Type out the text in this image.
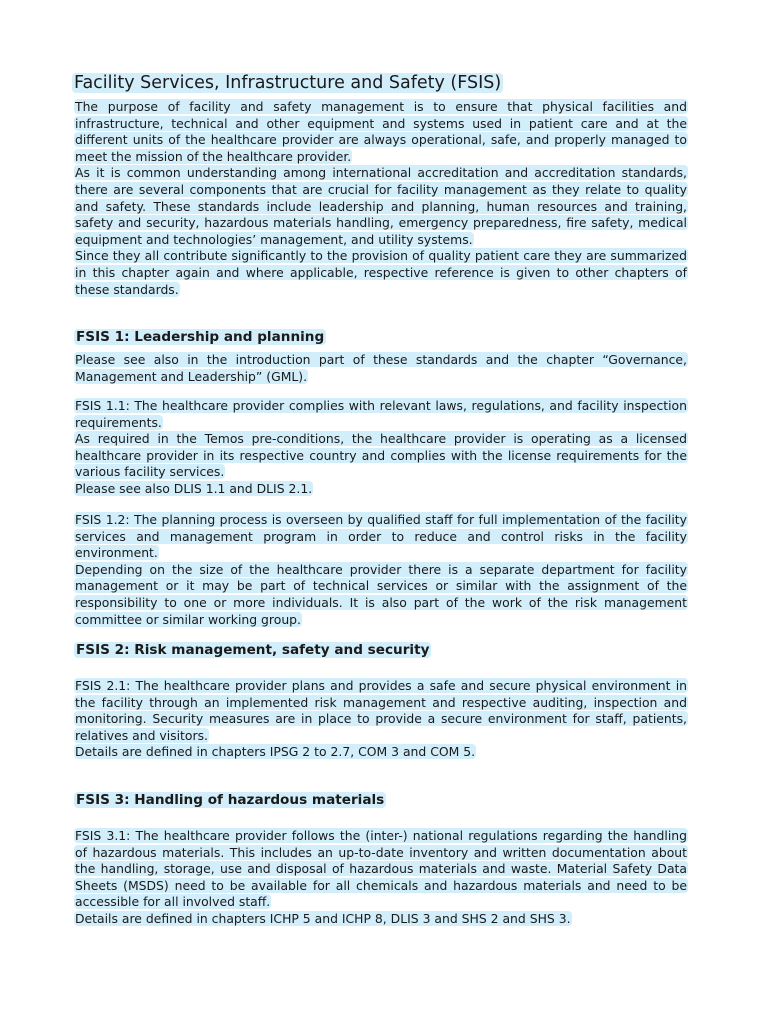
Facility Services, Infrastructure and Safety (FSIS)
The purpose of facility and safety management is to ensure that physical facilities and infrastructure, technical and other equipment and systems used in patient care and at the different units of the healthcare provider are always operational, safe, and properly managed to meet the mission of the healthcare provider.
As it is common understanding among international accreditation and accreditation standards, there are several components that are crucial for facility management as they relate to quality and safety. These standards include leadership and planning, human resources and training, safety and security, hazardous materials handling, emergency preparedness, fire safety, medical equipment and technologies’ management, and utility systems.
Since they all contribute significantly to the provision of quality patient care they are summarized in this chapter again and where applicable, respective reference is given to other chapters of these standards.
FSIS 1: Leadership and planning
Please see also in the introduction part of these standards and the chapter “Governance, Management and Leadership” (GML).
FSIS 1.1: The healthcare provider complies with relevant laws, regulations, and facility inspection requirements.
As required in the Temos pre-conditions, the healthcare provider is operating as a licensed healthcare provider in its respective country and complies with the license requirements for the various facility services.
Please see also DLIS 1.1 and DLIS 2.1.
FSIS 1.2: The planning process is overseen by qualified staff for full implementation of the facility services and management program in order to reduce and control risks in the facility environment.
Depending on the size of the healthcare provider there is a separate department for facility management or it may be part of technical services or similar with the assignment of the responsibility to one or more individuals. It is also part of the work of the risk management committee or similar working group.
FSIS 2: Risk management, safety and security
FSIS 2.1: The healthcare provider plans and provides a safe and secure physical environment in the facility through an implemented risk management and respective auditing, inspection and monitoring. Security measures are in place to provide a secure environment for staff, patients, relatives and visitors.
Details are defined in chapters IPSG 2 to 2.7, COM 3 and COM 5.
FSIS 3: Handling of hazardous materials
FSIS 3.1: The healthcare provider follows the (inter-) national regulations regarding the handling of hazardous materials. This includes an up-to-date inventory and written documentation about the handling, storage, use and disposal of hazardous materials and waste. Material Safety Data Sheets (MSDS) need to be available for all chemicals and hazardous materials and need to be accessible for all involved staff.
Details are defined in chapters ICHP 5 and ICHP 8, DLIS 3 and SHS 2 and SHS 3.
